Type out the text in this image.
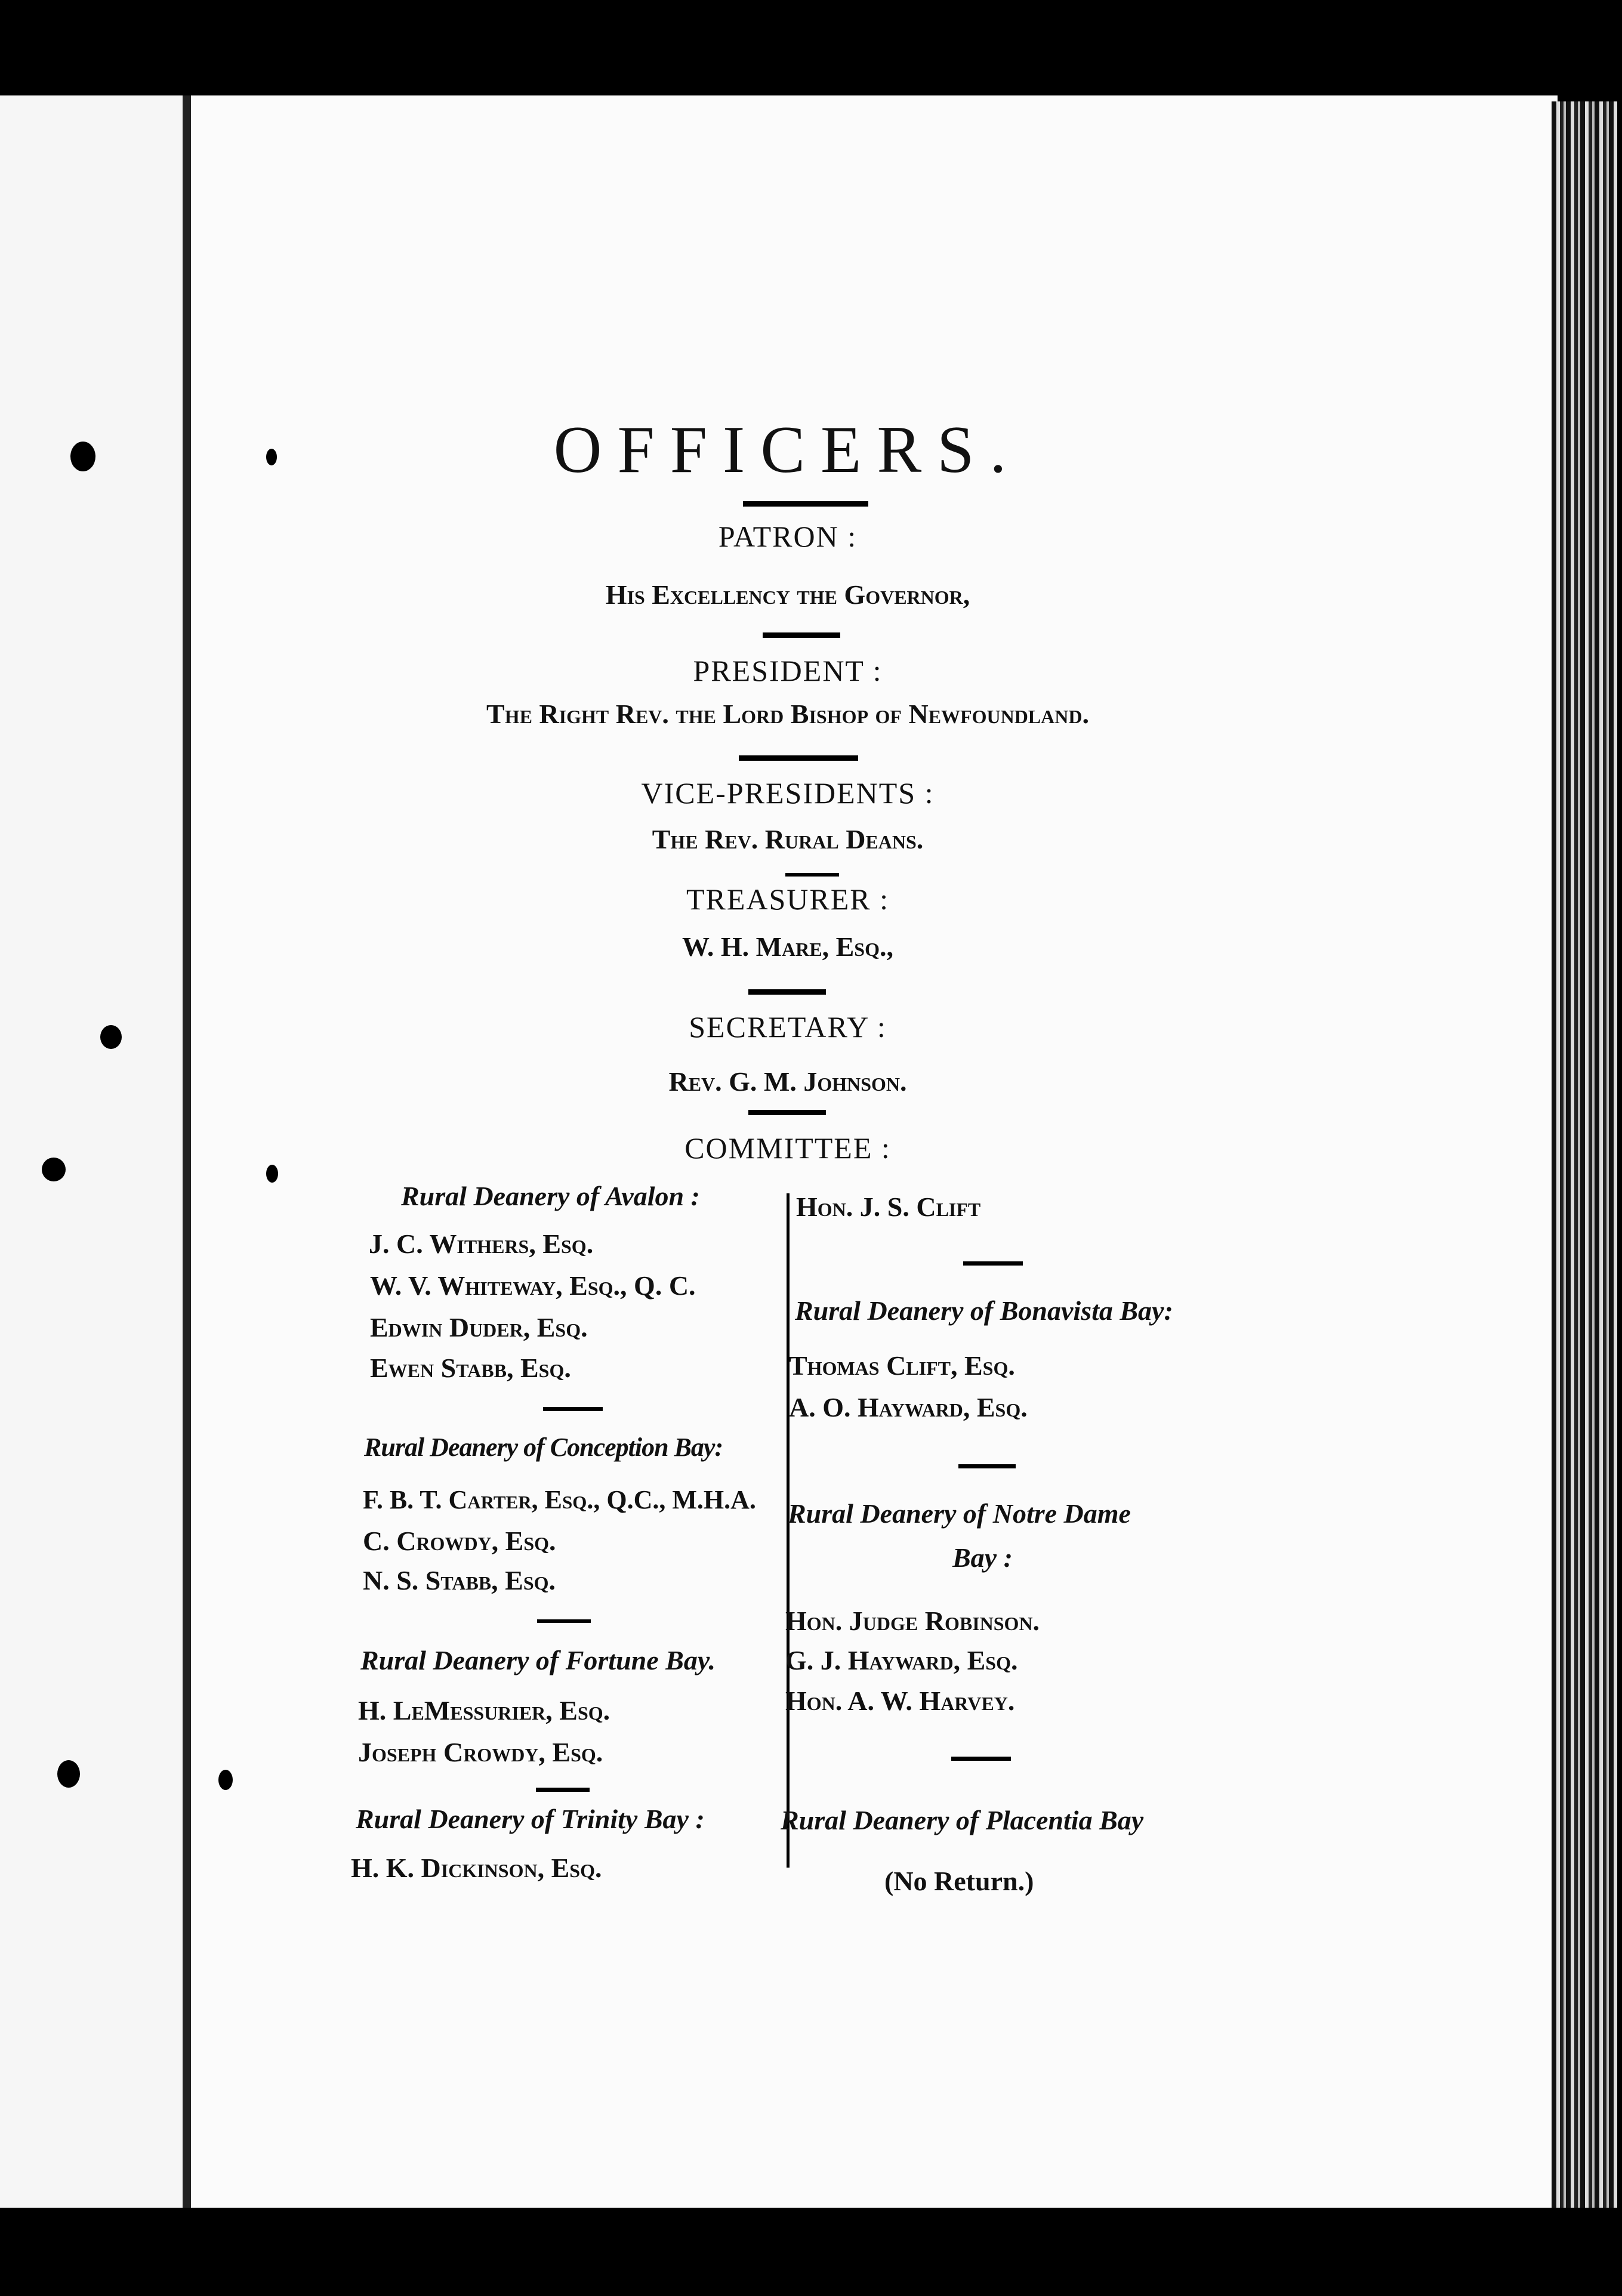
OFFICERS.
PATRON :
His Excellency the Governor,
PRESIDENT :
The Right Rev. the Lord Bishop of Newfoundland.
VICE-PRESIDENTS :
The Rev. Rural Deans.
TREASURER :
W. H. Mare, Esq.,
SECRETARY :
Rev. G. M. Johnson.
COMMITTEE :
Rural Deanery of Avalon :
J. C. Withers, Esq.
W. V. Whiteway, Esq., Q. C.
Edwin Duder, Esq.
Ewen Stabb, Esq.
Rural Deanery of Conception Bay:
F. B. T. Carter, Esq., Q.C., M.H.A.
C. Crowdy, Esq.
N. S. Stabb, Esq.
Rural Deanery of Fortune Bay.
H. LeMessurier, Esq.
Joseph Crowdy, Esq.
Rural Deanery of Trinity Bay :
H. K. Dickinson, Esq.
Hon. J. S. Clift
Rural Deanery of Bonavista Bay:
Thomas Clift, Esq.
A. O. Hayward, Esq.
Rural Deanery of Notre Dame
Bay :
Hon. Judge Robinson.
G. J. Hayward, Esq.
Hon. A. W. Harvey.
Rural Deanery of Placentia Bay
(No Return.)
